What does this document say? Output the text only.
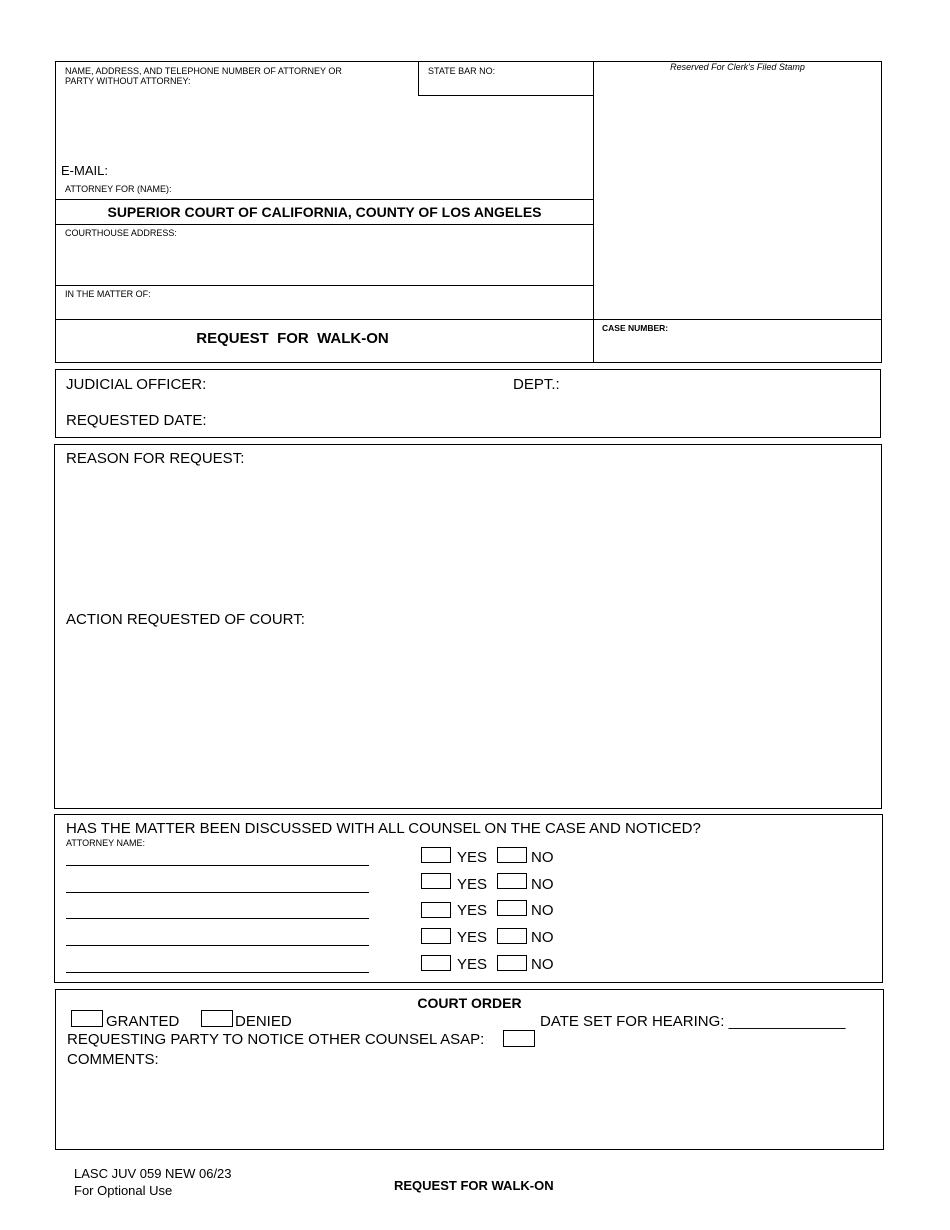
NAME, ADDRESS, AND TELEPHONE NUMBER OF ATTORNEY OR PARTY WITHOUT ATTORNEY:
STATE BAR NO:	Reserved For Clerk's Filed Stamp
E-MAIL:
ATTORNEY FOR (NAME):
SUPERIOR COURT OF CALIFORNIA, COUNTY OF LOS ANGELES
COURTHOUSE ADDRESS:
IN THE MATTER OF:
REQUEST  FOR  WALK-ON
CASE NUMBER:
JUDICIAL OFFICER:	DEPT.:
REQUESTED DATE:
REASON FOR REQUEST:
ACTION REQUESTED OF COURT:
HAS THE MATTER BEEN DISCUSSED WITH ALL COUNSEL ON THE CASE AND NOTICED?
ATTORNEY NAME:
YES	NO
YES	NO
YES	NO
YES	NO
YES	NO
COURT ORDER
GRANTED	DENIED	DATE SET FOR HEARING: ______________
REQUESTING PARTY TO NOTICE OTHER COUNSEL ASAP:
COMMENTS:
LASC JUV 059 NEW 06/23
For Optional Use	REQUEST FOR WALK-ON
